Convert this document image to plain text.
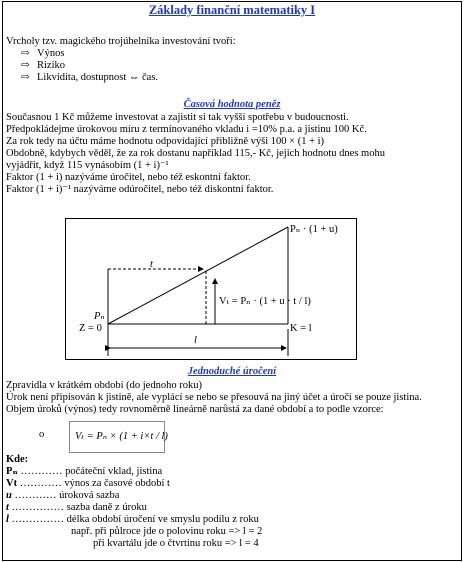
Základy finanční matematiky I
Vrcholy tzv. magického trojúhelníka investování tvoří:
⇨ Výnos
⇨ Riziko
⇨ Likvidita, dostupnost ⇔ čas.
Časová hodnota peněz
Současnou 1 Kč můžeme investovat a zajistit si tak vyšší spotřebu v budoucnosti.
Předpokládejme úrokovou míru z termínovaného vkladu i =10% p.a. a jistinu 100 Kč.
Za rok tedy na účtu máme hodnotu odpovídající přibližně výši 100 × (1 + i)
Obdobně, kdybych věděl, že za rok dostanu například 115,- Kč, jejich hodnotu dnes mohu
vyjádřit, když 115 vynásobím (1 + i)⁻¹
Faktor (1 + i) nazýváme úročitel, nebo též eskontní faktor.
Faktor (1 + i)⁻¹ nazýváme odúročitel, nebo též diskontní faktor.
Pₙ · (1 + u)
t
Pₙ
Vₜ = Pₙ · (1 + u · t / l)
Z = 0	K = l
l
Jednoduché úročení
Zpravidla v krátkém období (do jednoho roku)
Úrok není připisován k jistině, ale vyplácí se nebo se přesouvá na jiný účet a úročí se pouze jistina.
Objem úroků (výnos) tedy rovnoměrně lineárně narůstá za dané období a to podle vzorce:
o	Vₜ = Pₙ × (1 + i×t / l)
Kde:
Pₙ ………… počáteční vklad, jistina
Vt ………… výnos za časové období t
u ………… úroková sazba
t …………… sazba daně z úroku
l …………… délka období úročení ve smyslu podílu z roku
např. při půlroce jde o polovinu roku => l = 2
při kvartálu jde o čtvrtinu roku => l = 4
